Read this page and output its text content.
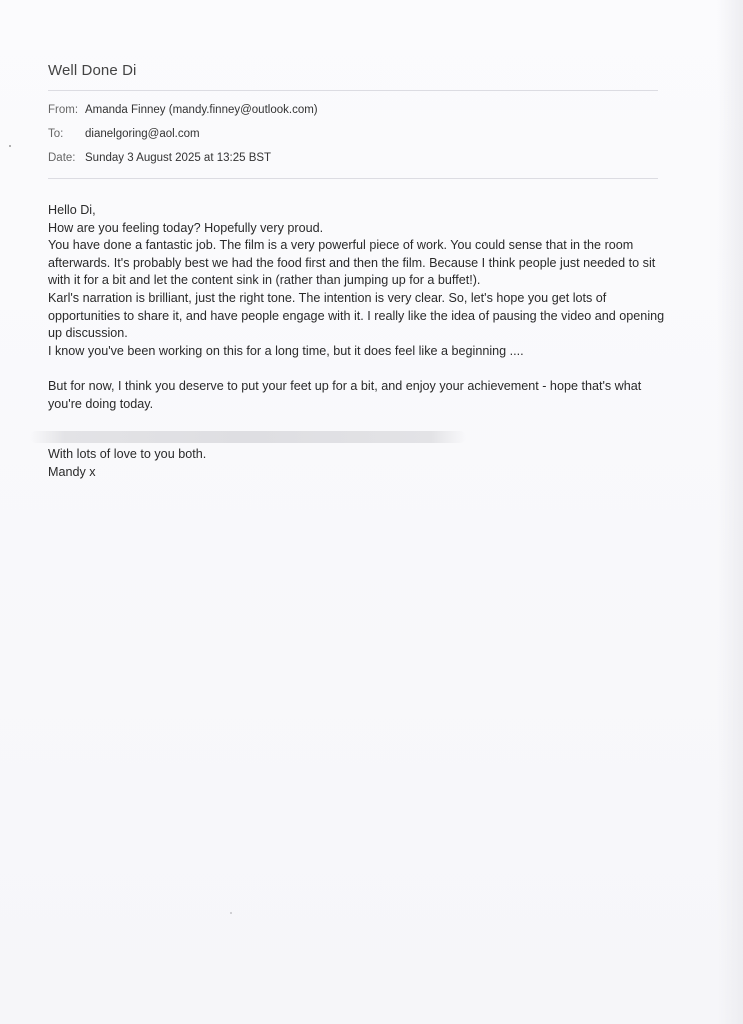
Well Done Di
From: Amanda Finney (mandy.finney@outlook.com)
To: dianelgoring@aol.com
Date: Sunday 3 August 2025 at 13:25 BST

Hello Di,

How are you feeling today? Hopefully very proud.

You have done a fantastic job. The film is a very powerful piece of work. You could sense that in the room afterwards. It's probably best we had the food first and then the film. Because I think people just needed to sit with it for a bit and let the content sink in (rather than jumping up for a buffet!).

Karl's narration is brilliant, just the right tone. The intention is very clear. So, let's hope you get lots of opportunities to share it, and have people engage with it. I really like the idea of pausing the video and opening up discussion.

I know you've been working on this for a long time, but it does feel like a beginning ....

But for now, I think you deserve to put your feet up for a bit, and enjoy your achievement - hope that's what you're doing today.

With lots of love to you both.

Mandy x
